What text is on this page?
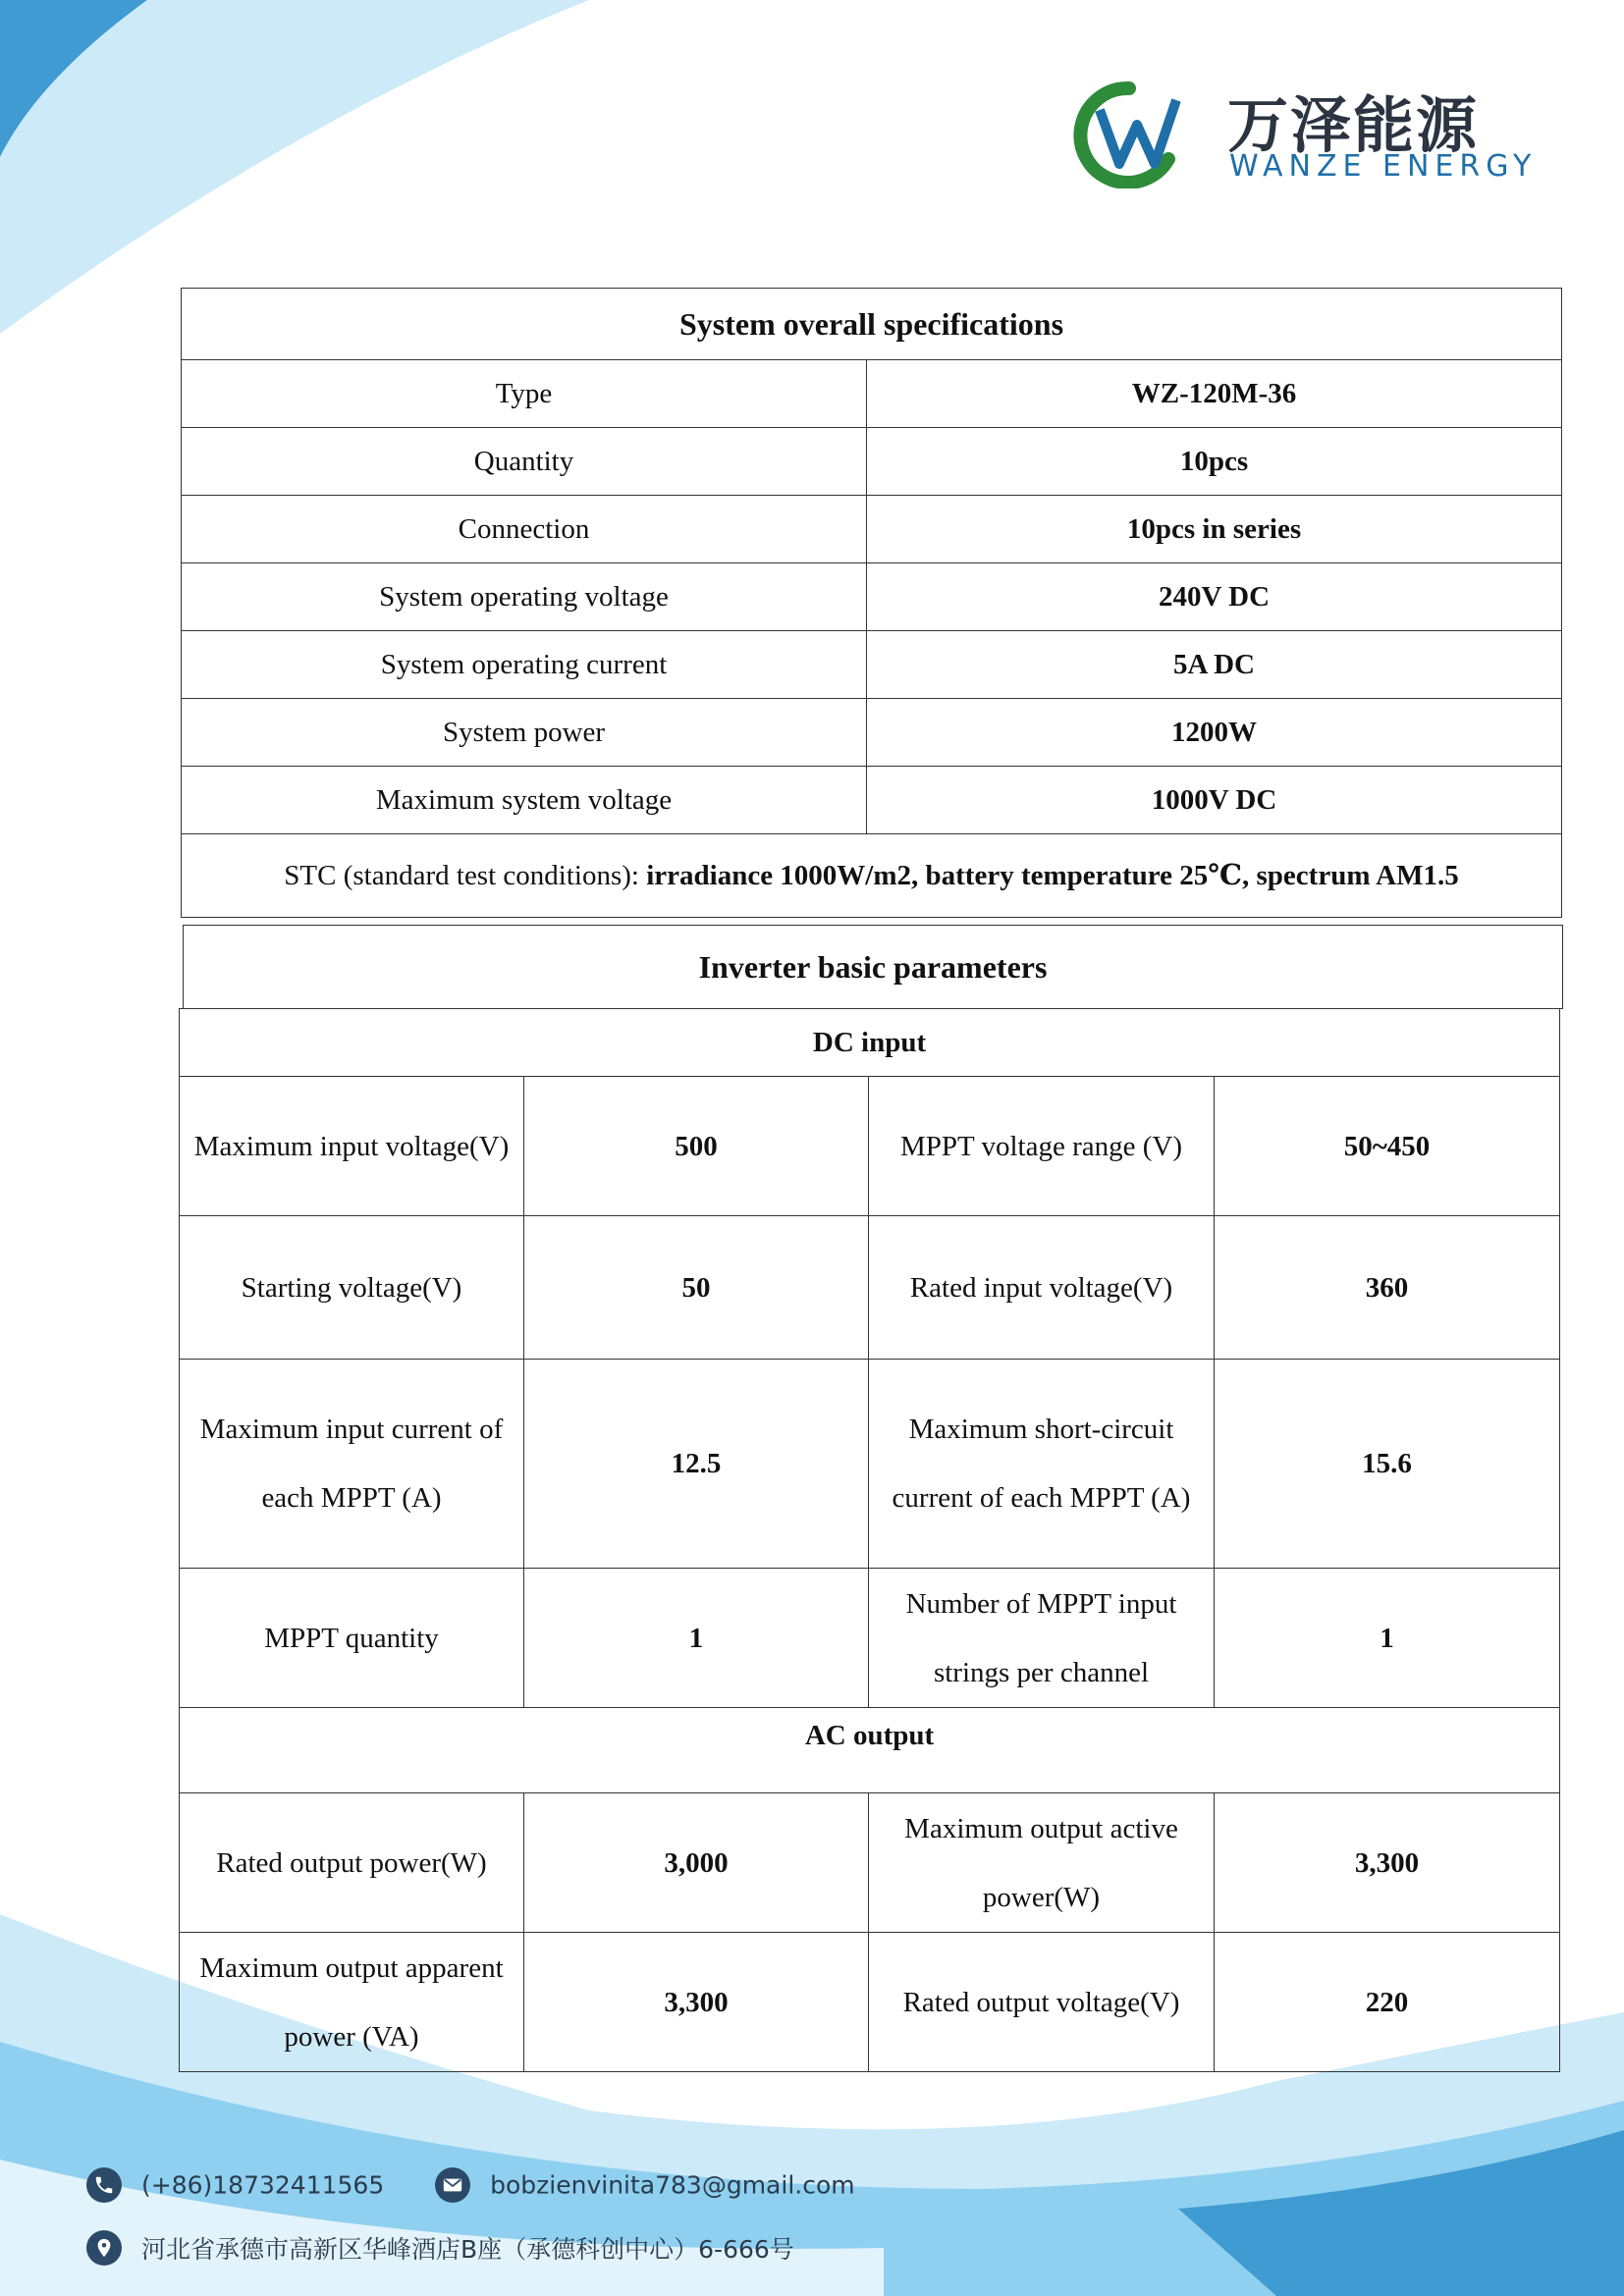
万泽能源
WANZE ENERGY
System overall specifications	
Type	WZ-120M-36
Quantity	10pcs
Connection	10pcs in series
System operating voltage	240V DC
System operating current	5A DC
System power	1200W
Maximum system voltage	1000V DC
STC (standard test conditions): irradiance 1000W/m2, battery temperature 25℃, spectrum AM1.5	
Inverter basic parameters
DC input			
Maximum input voltage(V)	500	MPPT voltage range (V)	50~450
Starting voltage(V)	50	Rated input voltage(V)	360
Maximum input current of each MPPT (A)	12.5	Maximum short-circuit current of each MPPT (A)	15.6
MPPT quantity	1	Number of MPPT input strings per channel	1
AC output			
Rated output power(W)	3,000	Maximum output active power(W)	3,300
Maximum output apparent power (VA)	3,300	Rated output voltage(V)	220
(+86)18732411565	bobzienvinita783@gmail.com
河北省承德市高新区华峰酒店B座（承德科创中心）6-666号
